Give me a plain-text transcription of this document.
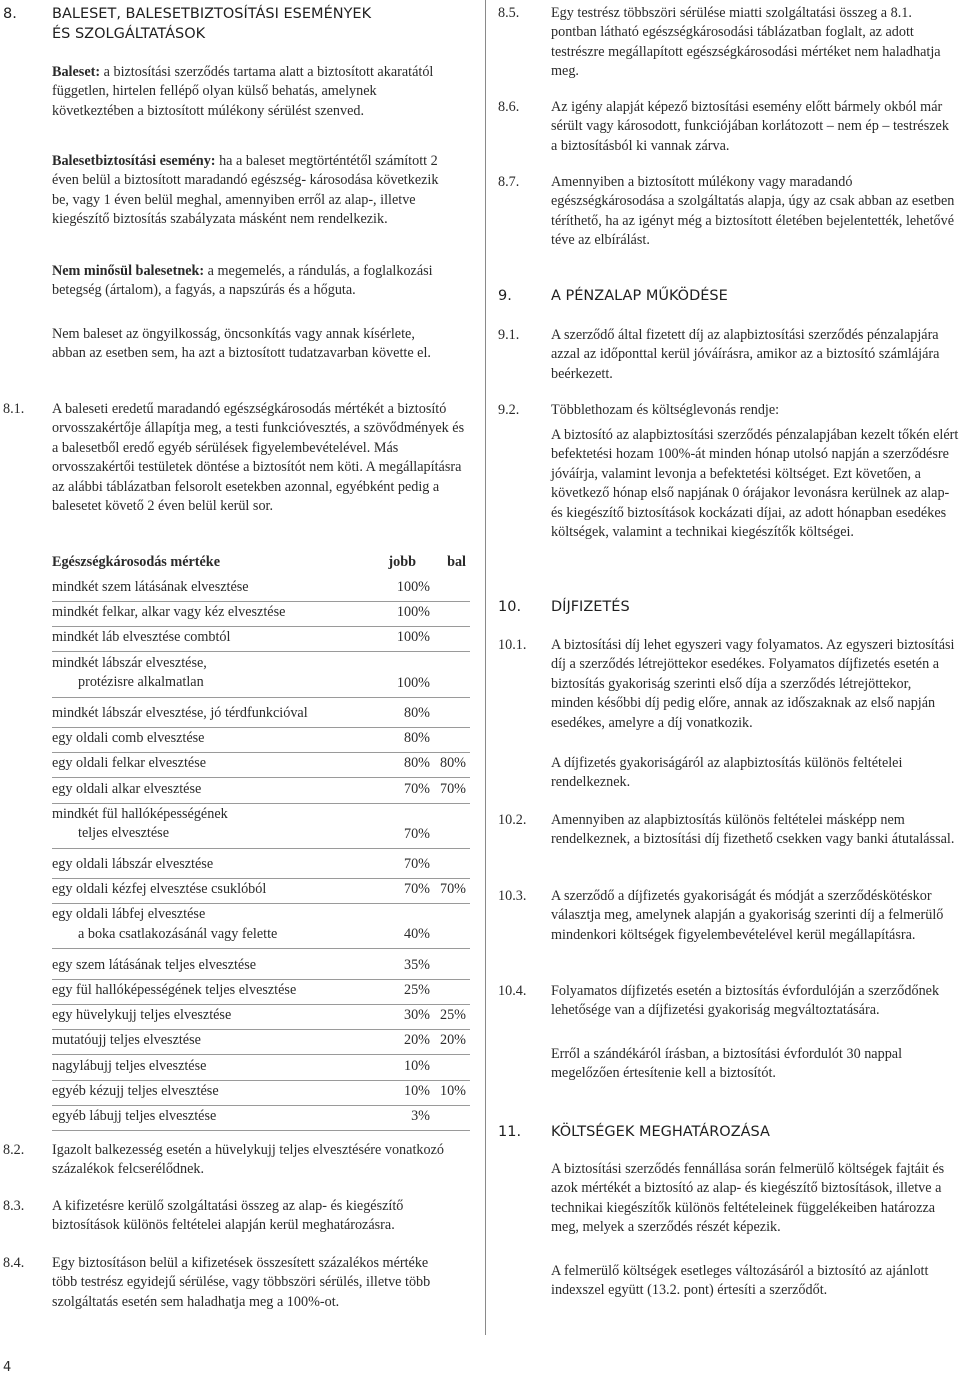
8. BALESET, BALESETBIZTOSÍTÁSI ESEMÉNYEK
ÉS SZOLGÁLTATÁSOK

Baleset: a biztosítási szerződés tartama alatt a biztosított akaratától független, hirtelen fellépő olyan külső behatás, amelynek következtében a biztosított múlékony sérülést szenved.

Balesetbiztosítási esemény: ha a baleset megtörténtétől számított 2 éven belül a biztosított maradandó egészség- károsodása következik be, vagy 1 éven belül meghal, amennyiben erről az alap-, illetve kiegészítő biztosítás szabályzata másként nem rendelkezik.

Nem minősül balesetnek: a megemelés, a rándulás, a foglalkozási betegség (ártalom), a fagyás, a napszúrás és a hőguta.

Nem baleset az öngyilkosság, öncsonkítás vagy annak kísérlete, abban az esetben sem, ha azt a biztosított tudatzavarban követte el.

8.1. A baleseti eredetű maradandó egészségkárosodás mértékét a biztosító orvosszakértője állapítja meg, a testi funkcióvesztés, a szövődmények és a balesetből eredő egyéb sérülések figyelembevételével. Más orvosszakértői testületek döntése a biztosítót nem köti. A megállapításra az alábbi táblázatban felsorolt esetekben azonnal, egyébként pedig a balesetet követő 2 éven belül kerül sor.

Egészségkárosodás mértéke	jobb bal
mindkét szem látásának elvesztése	100%
mindkét felkar, alkar vagy kéz elvesztése	100%
mindkét láb elvesztése combtól	100%
mindkét lábszár elvesztése,
protézisre alkalmatlan	100%
mindkét lábszár elvesztése, jó térdfunkcióval	80%
egy oldali comb elvesztése	80%
egy oldali felkar elvesztése	80% 80%
egy oldali alkar elvesztése	70% 70%
mindkét fül hallóképességének
teljes elvesztése	70%
egy oldali lábszár elvesztése	70%
egy oldali kézfej elvesztése csuklóból	70% 70%
egy oldali lábfej elvesztése
a boka csatlakozásánál vagy felette	40%
egy szem látásának teljes elvesztése	35%
egy fül hallóképességének teljes elvesztése	25%
egy hüvelykujj teljes elvesztése	30% 25%
mutatóujj teljes elvesztése	20% 20%
nagylábujj teljes elvesztése	10%
egyéb kézujj teljes elvesztése	10% 10%
egyéb lábujj teljes elvesztése	3%
8.2. Igazolt balkezesség esetén a hüvelykujj teljes elvesztésére vonatkozó százalékok felcserélődnek.

8.3. A kifizetésre kerülő szolgáltatási összeg az alap- és kiegészítő biztosítások különös feltételei alapján kerül meghatározásra.

8.4. Egy biztosításon belül a kifizetések összesített százalékos mértéke több testrész egyidejű sérülése, vagy többszöri sérülés, illetve több szolgáltatás esetén sem haladhatja meg a 100%-ot.

8.5. Egy testrész többszöri sérülése miatti szolgáltatási összeg a 8.1. pontban látható egészségkárosodási táblázatban foglalt, az adott testrészre megállapított egészségkárosodási mértéket nem haladhatja meg.

8.6. Az igény alapját képező biztosítási esemény előtt bármely okból már sérült vagy károsodott, funkciójában korlátozott – nem ép – testrészek a biztosításból ki vannak zárva.

8.7. Amennyiben a biztosított múlékony vagy maradandó egészségkárosodása a szolgáltatás alapja, úgy az csak abban az esetben téríthető, ha az igényt még a biztosított életében bejelentették, lehetővé téve az elbírálást.

9.	A PÉNZALAP MŰKÖDÉSE
9.1. A szerződő által fizetett díj az alapbiztosítási szerződés pénzalapjára azzal az időponttal kerül jóváírásra, amikor az a biztosító számlájára beérkezett.

9.2. Többlethozam és költséglevonás rendje:

A biztosító az alapbiztosítási szerződés pénzalapjában kezelt tőkén elért befektetési hozam 100%-át minden hónap utolsó napján a szerződésre jóváírja, valamint levonja a befektetési költséget. Ezt követően, a következő hónap első napjának 0 órájakor levonásra kerülnek az alap- és kiegészítő biztosítások kockázati díjai, az adott hónapban esedékes költségek, valamint a technikai kiegészítők költségei.

10. DÍJFIZETÉS
10.1. A biztosítási díj lehet egyszeri vagy folyamatos. Az egyszeri biztosítási díj a szerződés létrejöttekor esedékes. Folyamatos díjfizetés esetén a biztosítás gyakoriság szerinti első díja a szerződés létrejöttekor, minden későbbi díj pedig előre, annak az időszaknak az első napján esedékes, amelyre a díj vonatkozik.

A díjfizetés gyakoriságáról az alapbiztosítás különös feltételei rendelkeznek.

10.2. Amennyiben az alapbiztosítás különös feltételei másképp nem rendelkeznek, a biztosítási díj fizethető csekken vagy banki átutalással.

10.3. A szerződő a díjfizetés gyakoriságát és módját a szerződéskötéskor választja meg, amelynek alapján a gyakoriság szerinti díj a felmerülő mindenkori költségek figyelembevételével kerül megállapításra.

10.4. Folyamatos díjfizetés esetén a biztosítás évfordulóján a szerződőnek lehetősége van a díjfizetési gyakoriság megváltoztatására.

Erről a szándékáról írásban, a biztosítási évfordulót 30 nappal megelőzően értesítenie kell a biztosítót.

11. KÖLTSÉGEK MEGHATÁROZÁSA

A biztosítási szerződés fennállása során felmerülő költségek fajtáit és azok mértékét a biztosító az alap- és kiegészítő biztosítások, illetve a technikai kiegészítők különös feltételeinek függelékeiben határozza meg, melyek a szerződés részét képezik.

A felmerülő költségek esetleges változásáról a biztosító az ajánlott indexszel együtt (13.2. pont) értesíti a szerződőt.

4
